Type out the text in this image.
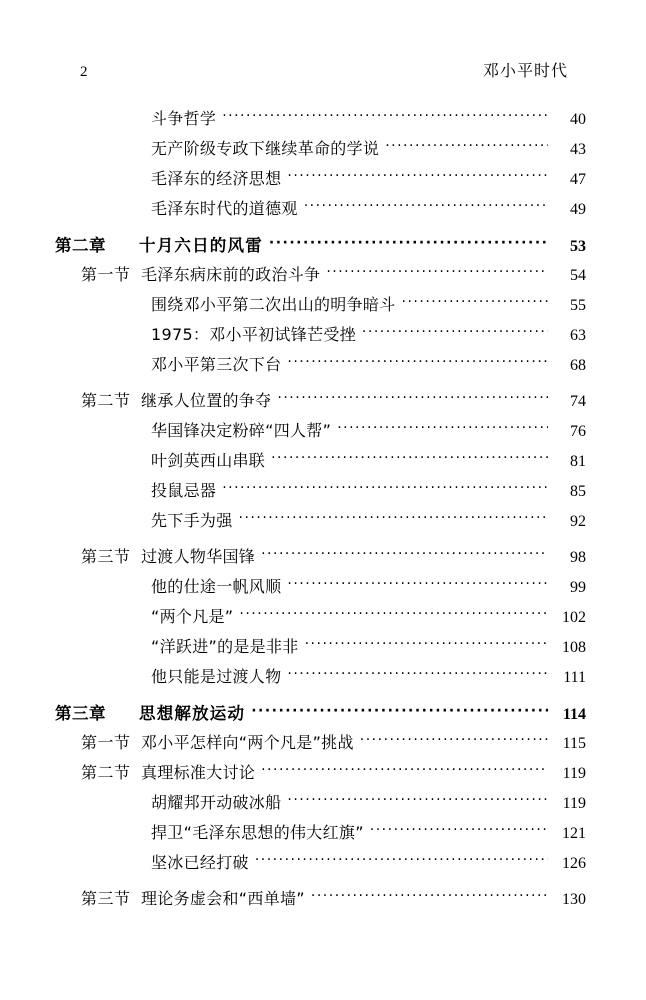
2	邓小平时代
斗争哲学 ·····	40
无产阶级专政下继续革命的学说 ·····	43
毛泽东的经济思想 ·····	47
毛泽东时代的道德观 ·····	49
第二章	十月六日的风雷 ·····	53
第一节 毛泽东病床前的政治斗争 ·····	54
围绕邓小平第二次出山的明争暗斗 ·····	55
1975：邓小平初试锋芒受挫 ·····	63
邓小平第三次下台 ·····	68
第二节 继承人位置的争夺 ·····	74
华国锋决定粉碎“四人帮” ·····	76
叶剑英西山串联 ·····	81
投鼠忌器 ·····	85
先下手为强 ·····	92
第三节 过渡人物华国锋 ·····	98
他的仕途一帆风顺 ·····	99
“两个凡是” ·····	102
“洋跃进”的是是非非 ·····	108
他只能是过渡人物 ·····	111
第三章	思想解放运动 ·····	114
第一节 邓小平怎样向“两个凡是”挑战 ·····	115
第二节 真理标准大讨论 ·····	119
胡耀邦开动破冰船 ·····	119
捍卫“毛泽东思想的伟大红旗” ·····	121
坚冰已经打破 ·····	126
第三节 理论务虚会和“西单墙” ·····	130
